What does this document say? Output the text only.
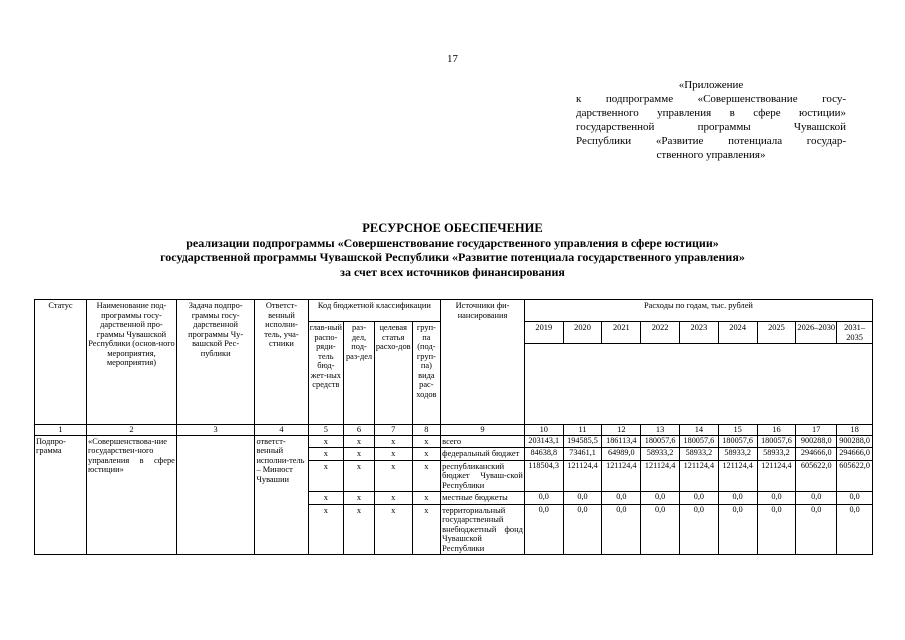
17
«Приложение
к подпрограмме «Совершенствование госу-
дарственного управления в сфере юстиции»
государственной программы Чувашской
Республики «Развитие потенциала государ-
ственного управления»
РЕСУРСНОЕ ОБЕСПЕЧЕНИЕ
реализации подпрограммы «Совершенствование государственного управления в сфере юстиции»
государственной программы Чувашской Республики «Развитие потенциала государственного управления»
за счет всех источников финансирования
Статус	Наименование под-программы госу-дарственной про-граммы Чувашской Республики (основ-ного мероприятия, мероприятия)	Задача подпро-граммы госу-дарственной программы Чу-вашской Рес-публики	Ответст-венный исполни-тель, уча-стники	Код бюджетной классификации				Источники фи-нансирования	Расходы по годам, тыс. рублей								
				глав-ный распо-ряди-тель бюд-жет-ных средств	раз-дел, под-раз-дел	целевая статья расхо-дов	груп-па (под-груп-па) вида рас-ходов		2019	2020	2021	2022	2023	2024	2025	2026–2030	2031–2035

1	2	3	4	5	6	7	8	9	10	11	12	13	14	15	16	17	18
Подпро-грамма	«Совершенствова-ние государствен-ного управления в сфере юстиции»		ответст-венный исполни-тель – Минюст Чувашии	x	x	x	x	всего	203143,1	194585,5	186113,4	180057,6	180057,6	180057,6	180057,6	900288,0	900288,0
				x	x	x	x	федеральный бюджет	84638,8	73461,1	64989,0	58933,2	58933,2	58933,2	58933,2	294666,0	294666,0
				x	x	x	x	республиканский бюджет Чуваш-ской Республики	118504,3	121124,4	121124,4	121124,4	121124,4	121124,4	121124,4	605622,0	605622,0
				x	x	x	x	местные бюджеты	0,0	0,0	0,0	0,0	0,0	0,0	0,0	0,0	0,0
				x	x	x	x	территориальный государственный внебюджетный фонд Чувашской Республики	0,0	0,0	0,0	0,0	0,0	0,0	0,0	0,0	0,0
